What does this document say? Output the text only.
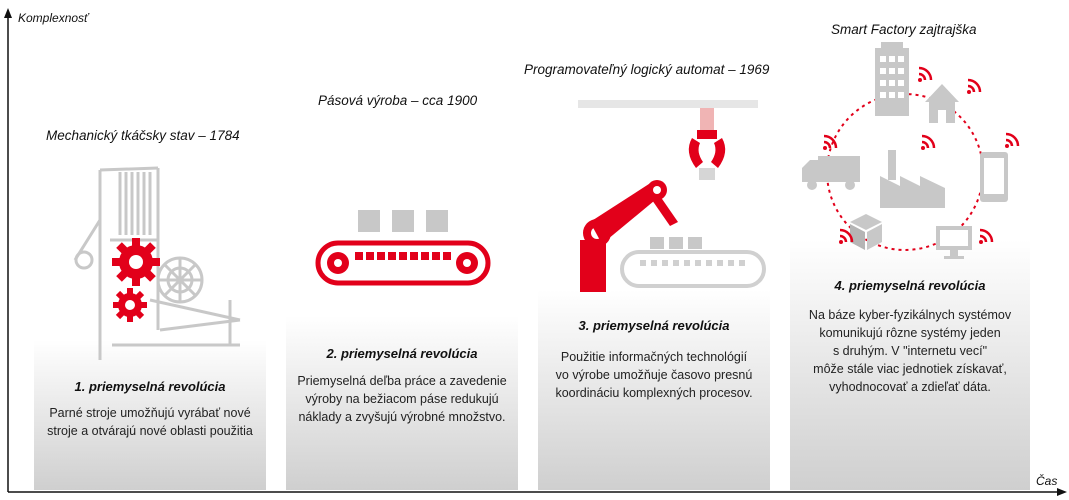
Komplexnosť
Čas
Mechanický tkáčsky stav – 1784
1. priemyselná revolúcia
Parné stroje umožňujú vyrábať nové
stroje a otvárajú nové oblasti použitia
Pásová výroba – cca 1900
2. priemyselná revolúcia
Priemyselná deľba práce a zavedenie
výroby na bežiacom páse redukujú
náklady a zvyšujú výrobné množstvo.
Programovateľný logický automat – 1969
3. priemyselná revolúcia
Použitie informačných technológií
vo výrobe umožňuje časovo presnú
koordináciu komplexných procesov.
Smart Factory zajtrajška
4. priemyselná revolúcia
Na báze kyber-fyzikálnych systémov
komunikujú rôzne systémy jeden
s druhým. V "internetu vecí"
môže stále viac jednotiek získavať,
vyhodnocovať a zdieľať dáta.
